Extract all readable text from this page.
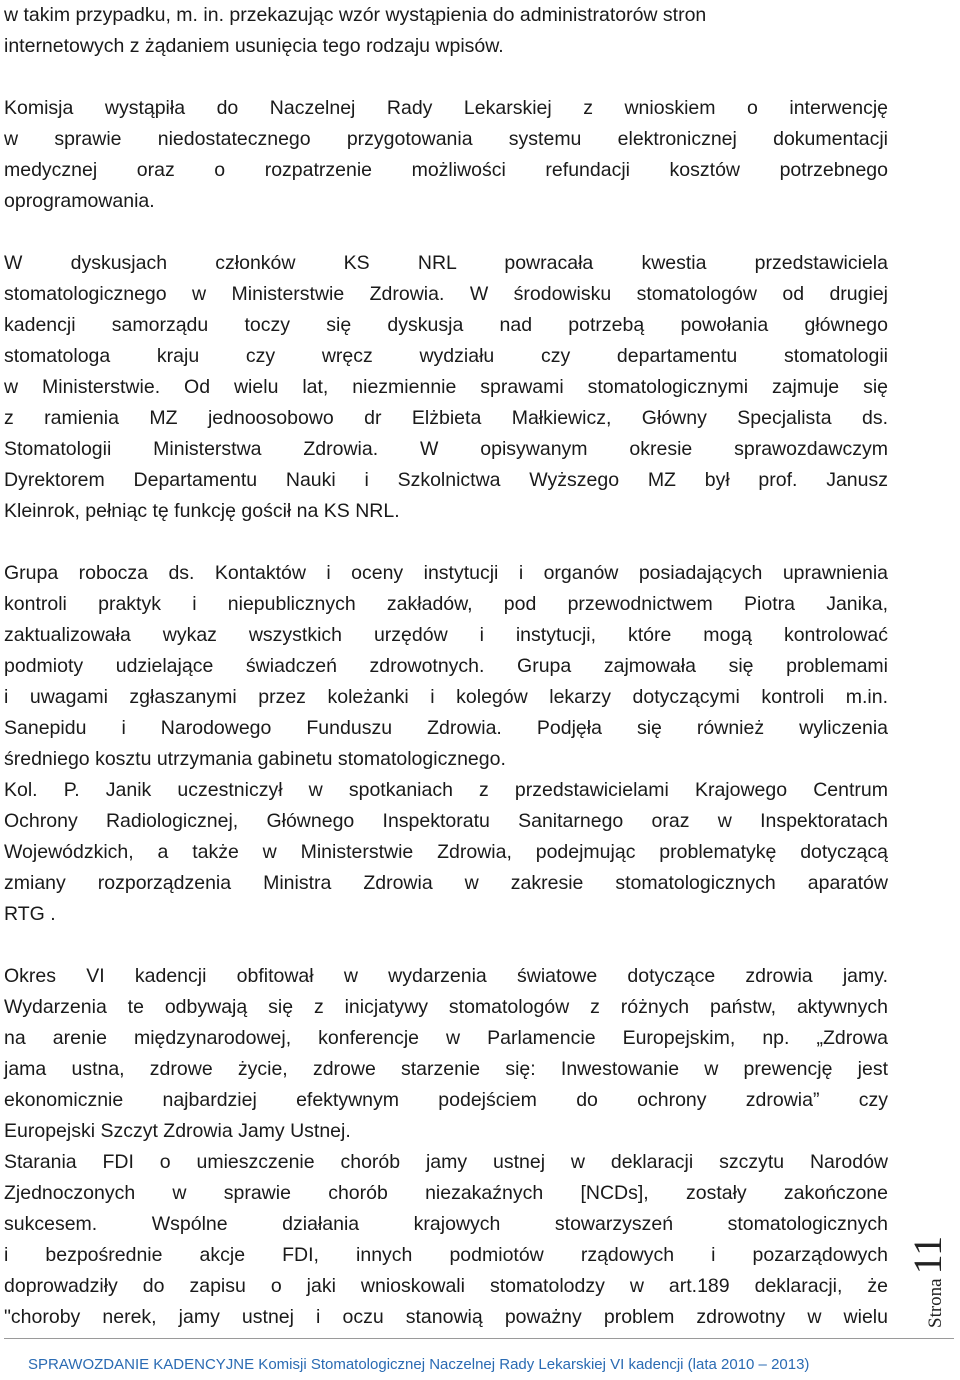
w takim przypadku, m. in. przekazując wzór wystąpienia do administratorów stron
internetowych z żądaniem usunięcia tego rodzaju wpisów.

Komisja wystąpiła do Naczelnej Rady Lekarskiej z wnioskiem o interwencję
w sprawie niedostatecznego przygotowania systemu elektronicznej dokumentacji
medycznej oraz o rozpatrzenie możliwości refundacji kosztów potrzebnego
oprogramowania.

W dyskusjach członków KS NRL powracała kwestia przedstawiciela
stomatologicznego w Ministerstwie Zdrowia. W środowisku stomatologów od drugiej
kadencji samorządu toczy się dyskusja nad potrzebą powołania głównego
stomatologa kraju czy wręcz wydziału czy departamentu stomatologii
w Ministerstwie. Od wielu lat, niezmiennie sprawami stomatologicznymi zajmuje się
z ramienia MZ jednoosobowo dr Elżbieta Małkiewicz, Główny Specjalista ds.
Stomatologii Ministerstwa Zdrowia. W opisywanym okresie sprawozdawczym
Dyrektorem Departamentu Nauki i Szkolnictwa Wyższego MZ był prof. Janusz
Kleinrok, pełniąc tę funkcję gościł na KS NRL.

Grupa robocza ds. Kontaktów i oceny instytucji i organów posiadających uprawnienia
kontroli praktyk i niepublicznych zakładów, pod przewodnictwem Piotra Janika,
zaktualizowała wykaz wszystkich urzędów i instytucji, które mogą kontrolować
podmioty udzielające świadczeń zdrowotnych. Grupa zajmowała się problemami
i uwagami zgłaszanymi przez koleżanki i kolegów lekarzy dotyczącymi kontroli m.in.
Sanepidu i Narodowego Funduszu Zdrowia. Podjęła się również wyliczenia
średniego kosztu utrzymania gabinetu stomatologicznego.

Kol. P. Janik uczestniczył w spotkaniach z przedstawicielami Krajowego Centrum
Ochrony Radiologicznej, Głównego Inspektoratu Sanitarnego oraz w Inspektoratach
Wojewódzkich, a także w Ministerstwie Zdrowia, podejmując problematykę dotyczącą
zmiany rozporządzenia Ministra Zdrowia w zakresie stomatologicznych aparatów
RTG .

Okres VI kadencji obfitował w wydarzenia światowe dotyczące zdrowia jamy.
Wydarzenia te odbywają się z inicjatywy stomatologów z różnych państw, aktywnych
na arenie międzynarodowej, konferencje w Parlamencie Europejskim, np. „Zdrowa
jama ustna, zdrowe życie, zdrowe starzenie się: Inwestowanie w prewencję jest
ekonomicznie najbardziej efektywnym podejściem do ochrony zdrowia” czy
Europejski Szczyt Zdrowia Jamy Ustnej.

Starania FDI o umieszczenie chorób jamy ustnej w deklaracji szczytu Narodów
Zjednoczonych w sprawie chorób niezakaźnych [NCDs], zostały zakończone
sukcesem. Wspólne działania krajowych stowarzyszeń stomatologicznych
i bezpośrednie akcje FDI, innych podmiotów rządowych i pozarządowych
doprowadziły do zapisu o jaki wnioskowali stomatolodzy w art.189 deklaracji, że
"choroby nerek, jamy ustnej i oczu stanowią poważny problem zdrowotny w wielu	Strona11
SPRAWOZDANIE KADENCYJNE Komisji Stomatologicznej Naczelnej Rady Lekarskiej VI kadencji (lata 2010 – 2013)
